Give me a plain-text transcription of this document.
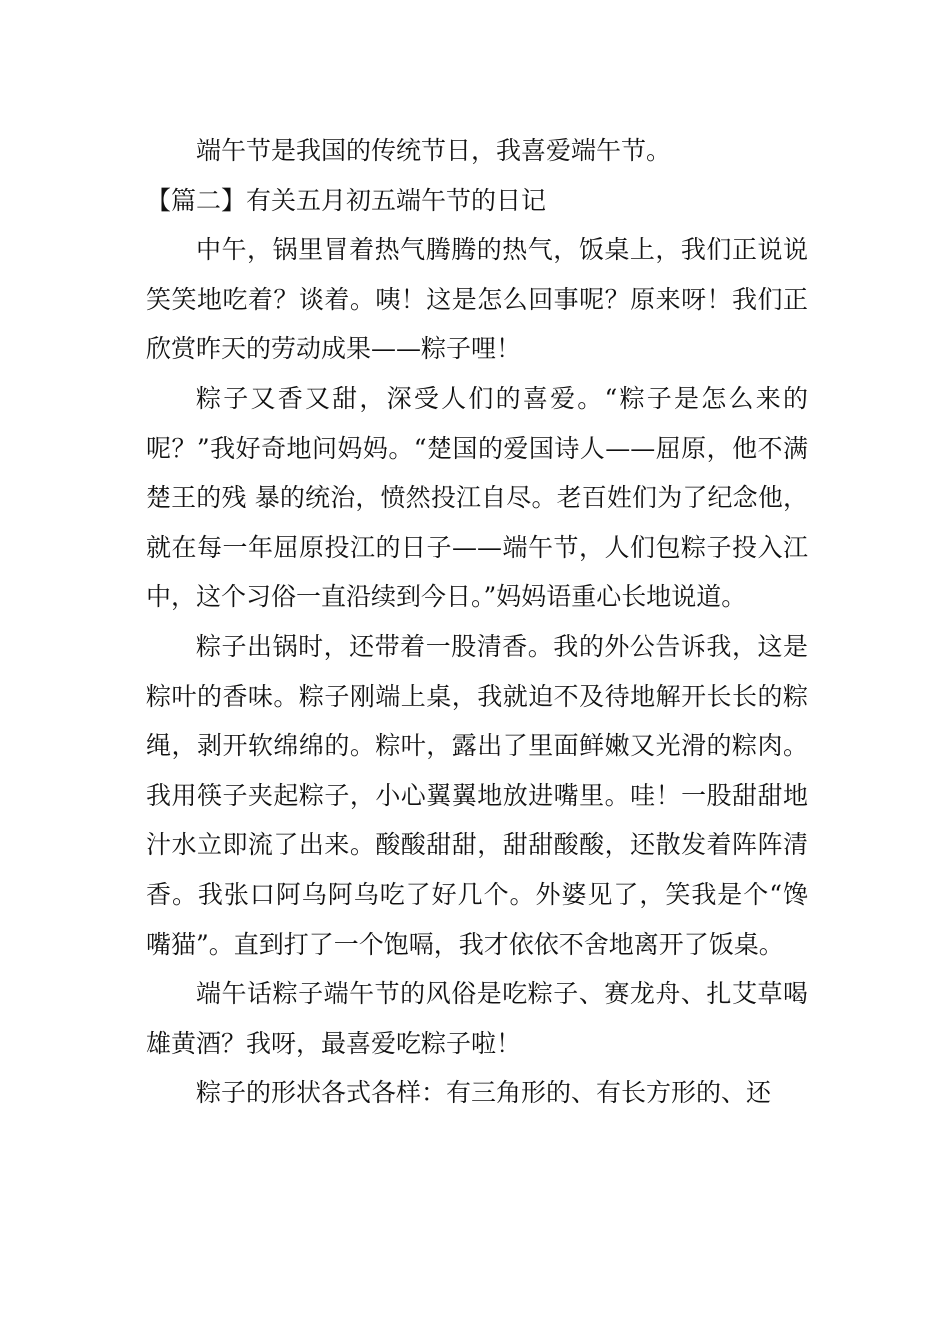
端午节是我国的传统节日，我喜爱端午节。

【篇二】有关五月初五端午节的日记

中午，锅里冒着热气腾腾的热气，饭桌上，我们正说说笑笑地吃着？谈着。咦！这是怎么回事呢？原来呀！我们正欣赏昨天的劳动成果——粽子哩！

粽子又香又甜，深受人们的喜爱。“粽子是怎么来的呢？”我好奇地问妈妈。“楚国的爱国诗人——屈原，他不满楚王的残 暴的统治，愤然投江自尽。老百姓们为了纪念他，就在每一年屈原投江的日子——端午节，人们包粽子投入江中，这个习俗一直沿续到今日。”妈妈语重心长地说道。

粽子出锅时，还带着一股清香。我的外公告诉我，这是粽叶的香味。粽子刚端上桌，我就迫不及待地解开长长的粽绳，剥开软绵绵的。粽叶，露出了里面鲜嫩又光滑的粽肉。我用筷子夹起粽子，小心翼翼地放进嘴里。哇！一股甜甜地汁水立即流了出来。酸酸甜甜，甜甜酸酸，还散发着阵阵清香。我张口阿乌阿乌吃了好几个。外婆见了，笑我是个“馋嘴猫”。直到打了一个饱嗝，我才依依不舍地离开了饭桌。

端午话粽子端午节的风俗是吃粽子、赛龙舟、扎艾草喝雄黄酒？我呀，最喜爱吃粽子啦！

粽子的形状各式各样：有三角形的、有长方形的、还
